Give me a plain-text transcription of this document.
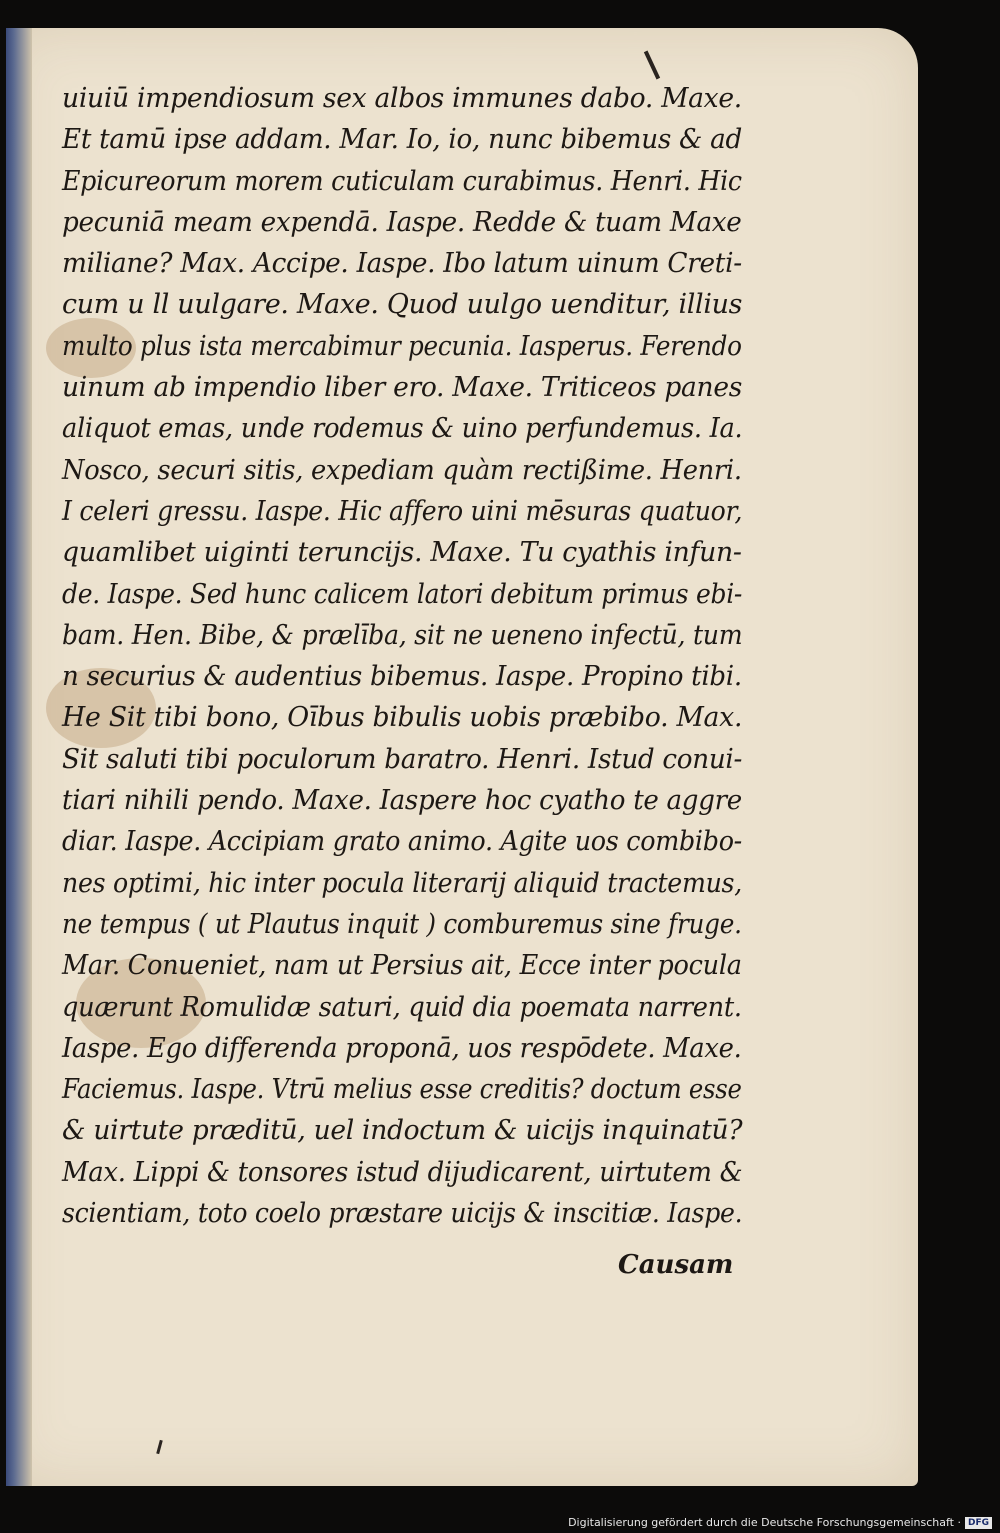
uiuiū impendiosum sex albos immunes dabo. Maxe.
Et tamū ipse addam. Mar. Io, io, nunc bibemus & ad
Epicureorum morem cuticulam curabimus. Henri. Hic
pecuniā meam expendā. Iaspe. Redde & tuam Maxe
miliane? Max. Accipe. Iaspe. Ibo latum uinum Creti-
cum u ll uulgare. Maxe. Quod uulgo uenditur, illius
multo plus ista mercabimur pecunia. Iasperus. Ferendo
uinum ab impendio liber ero. Maxe. Triticeos panes
aliquot emas, unde rodemus & uino perfundemus. Ia.
Nosco, securi sitis, expediam quàm rectißime. Henri.
I celeri gressu. Iaspe. Hic affero uini mēsuras quatuor,
quamlibet uiginti teruncijs. Maxe. Tu cyathis infun-
de. Iaspe. Sed hunc calicem latori debitum primus ebi-
bam. Hen. Bibe, & prælība, sit ne ueneno infectū, tum
n securius & audentius bibemus. Iaspe. Propino tibi.
He Sit tibi bono, Oībus bibulis uobis præbibo. Max.
Sit saluti tibi poculorum baratro. Henri. Istud conui-
tiari nihili pendo. Maxe. Iaspere hoc cyatho te aggre
diar. Iaspe. Accipiam grato animo. Agite uos combibo-
nes optimi, hic inter pocula literarij aliquid tractemus,
ne tempus ( ut Plautus inquit ) comburemus sine fruge.
Mar. Conueniet, nam ut Persius ait, Ecce inter pocula
quærunt Romulidæ saturi, quid dia poemata narrent.
Iaspe. Ego differenda proponā, uos respōdete. Maxe.
Faciemus. Iaspe. Vtrū melius esse creditis? doctum esse
& uirtute præditū, uel indoctum & uicijs inquinatū?
Max. Lippi & tonsores istud dijudicarent, uirtutem &
scientiam, toto coelo præstare uicijs & inscitiæ. Iaspe.
Causam
Digitalisierung gefördert durch die Deutsche Forschungsgemeinschaft · DFG
